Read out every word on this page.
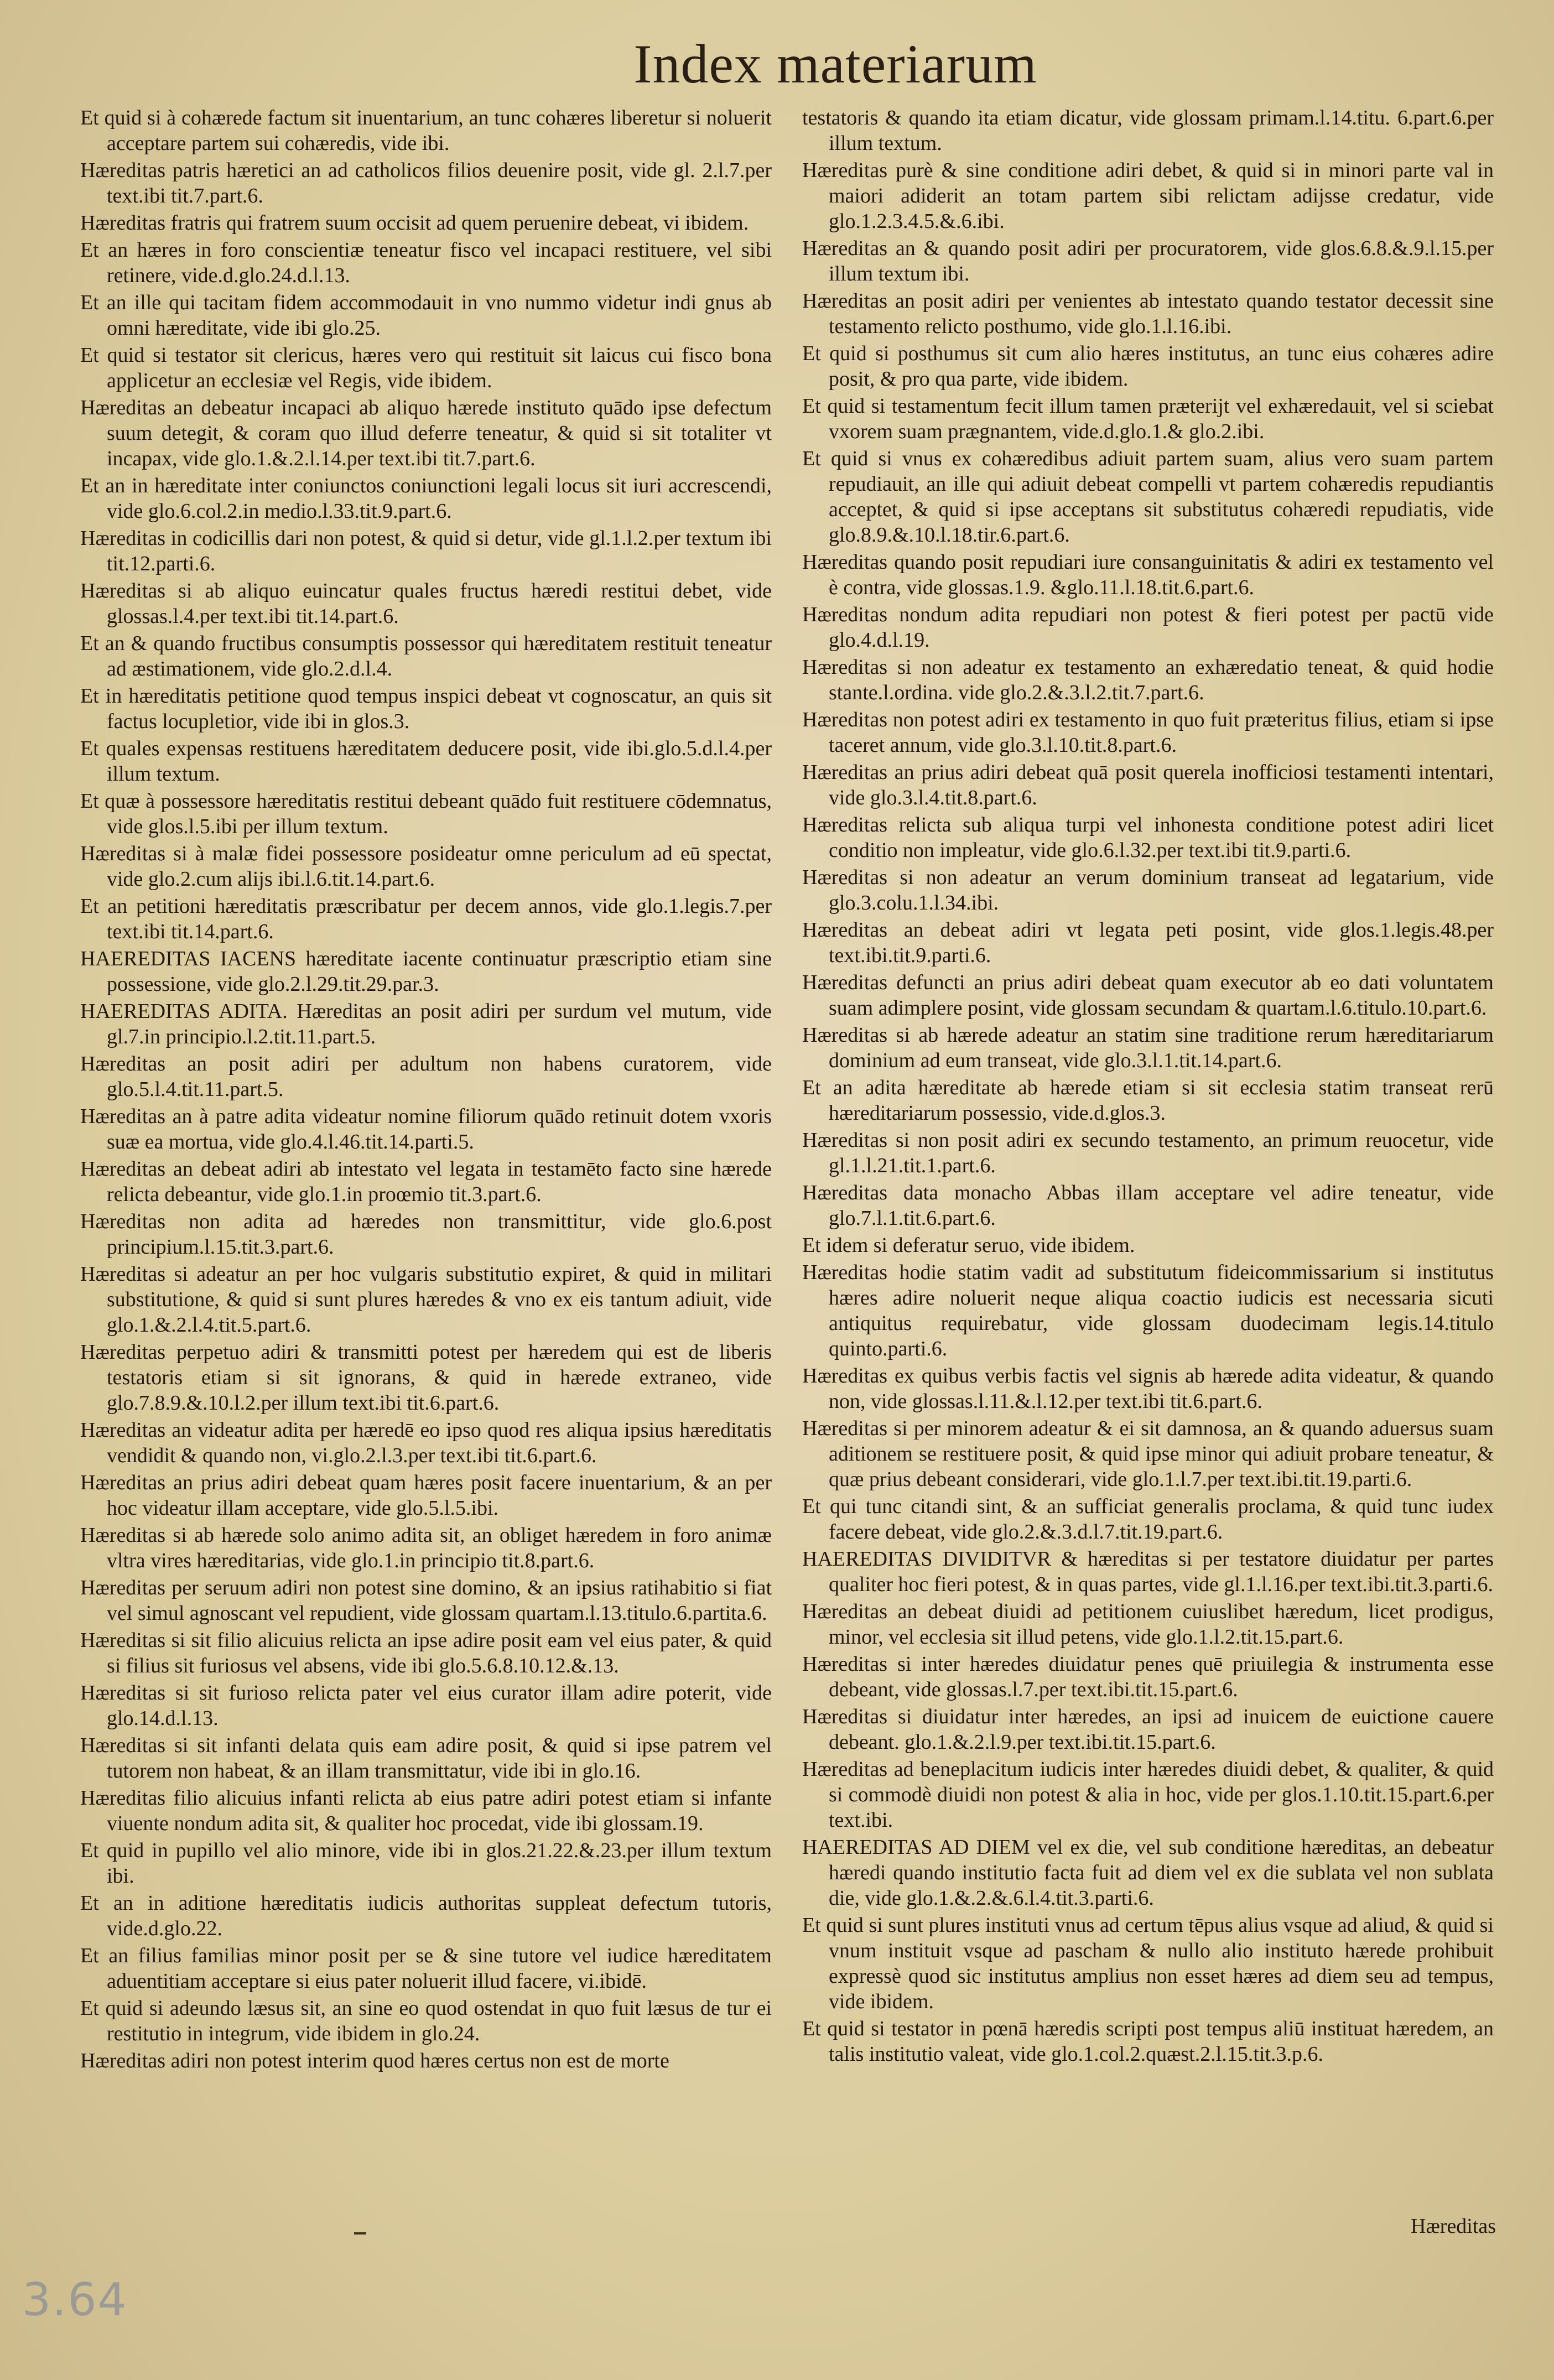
Index materiarum

Et quid si à cohærede factum sit inuentarium, an tunc cohæres liberetur si noluerit acceptare partem sui cohæredis, vide ibi.

Hæreditas patris hæretici an ad catholicos filios deuenire posit, vide gl. 2.l.7.per text.ibi tit.7.part.6.

Hæreditas fratris qui fratrem suum occisit ad quem peruenire debeat, vi ibidem.

Et an hæres in foro conscientiæ teneatur fisco vel incapaci restituere, vel sibi retinere, vide.d.glo.24.d.l.13.

Et an ille qui tacitam fidem accommodauit in vno nummo videtur indi gnus ab omni hæreditate, vide ibi glo.25.

Et quid si testator sit clericus, hæres vero qui restituit sit laicus cui fisco bona applicetur an ecclesiæ vel Regis, vide ibidem.

Hæreditas an debeatur incapaci ab aliquo hærede instituto quādo ipse defectum suum detegit, & coram quo illud deferre teneatur, & quid si sit totaliter vt incapax, vide glo.1.&.2.l.14.per text.ibi tit.7.part.6.

Et an in hæreditate inter coniunctos coniunctioni legali locus sit iuri accrescendi, vide glo.6.col.2.in medio.l.33.tit.9.part.6.

Hæreditas in codicillis dari non potest, & quid si detur, vide gl.1.l.2.per textum ibi tit.12.parti.6.

Hæreditas si ab aliquo euincatur quales fructus hæredi restitui debet, vide glossas.l.4.per text.ibi tit.14.part.6.

Et an & quando fructibus consumptis possessor qui hæreditatem restituit teneatur ad æstimationem, vide glo.2.d.l.4.

Et in hæreditatis petitione quod tempus inspici debeat vt cognoscatur, an quis sit factus locupletior, vide ibi in glos.3.

Et quales expensas restituens hæreditatem deducere posit, vide ibi.glo.5.d.l.4.per illum textum.

Et quæ à possessore hæreditatis restitui debeant quādo fuit restituere cōdemnatus, vide glos.l.5.ibi per illum textum.

Hæreditas si à malæ fidei possessore posideatur omne periculum ad eū spectat, vide glo.2.cum alijs ibi.l.6.tit.14.part.6.

Et an petitioni hæreditatis præscribatur per decem annos, vide glo.1.legis.7.per text.ibi tit.14.part.6.

HAEREDITAS IACENS hæreditate iacente continuatur præscriptio etiam sine possessione, vide glo.2.l.29.tit.29.par.3.

HAEREDITAS ADITA. Hæreditas an posit adiri per surdum vel mutum, vide gl.7.in principio.l.2.tit.11.part.5.

Hæreditas an posit adiri per adultum non habens curatorem, vide glo.5.l.4.tit.11.part.5.

Hæreditas an à patre adita videatur nomine filiorum quādo retinuit dotem vxoris suæ ea mortua, vide glo.4.l.46.tit.14.parti.5.

Hæreditas an debeat adiri ab intestato vel legata in testamēto facto sine hærede relicta debeantur, vide glo.1.in proœmio tit.3.part.6.

Hæreditas non adita ad hæredes non transmittitur, vide glo.6.post principium.l.15.tit.3.part.6.

Hæreditas si adeatur an per hoc vulgaris substitutio expiret, & quid in militari substitutione, & quid si sunt plures hæredes & vno ex eis tantum adiuit, vide glo.1.&.2.l.4.tit.5.part.6.

Hæreditas perpetuo adiri & transmitti potest per hæredem qui est de liberis testatoris etiam si sit ignorans, & quid in hærede extraneo, vide glo.7.8.9.&.10.l.2.per illum text.ibi tit.6.part.6.

Hæreditas an videatur adita per hæredē eo ipso quod res aliqua ipsius hæreditatis vendidit & quando non, vi.glo.2.l.3.per text.ibi tit.6.part.6.

Hæreditas an prius adiri debeat quam hæres posit facere inuentarium, & an per hoc videatur illam acceptare, vide glo.5.l.5.ibi.

Hæreditas si ab hærede solo animo adita sit, an obliget hæredem in foro animæ vltra vires hæreditarias, vide glo.1.in principio tit.8.part.6.

Hæreditas per seruum adiri non potest sine domino, & an ipsius ratihabitio si fiat vel simul agnoscant vel repudient, vide glossam quartam.l.13.titulo.6.partita.6.

Hæreditas si sit filio alicuius relicta an ipse adire posit eam vel eius pater, & quid si filius sit furiosus vel absens, vide ibi glo.5.6.8.10.12.&.13.

Hæreditas si sit furioso relicta pater vel eius curator illam adire poterit, vide glo.14.d.l.13.

Hæreditas si sit infanti delata quis eam adire posit, & quid si ipse patrem vel tutorem non habeat, & an illam transmittatur, vide ibi in glo.16.

Hæreditas filio alicuius infanti relicta ab eius patre adiri potest etiam si infante viuente nondum adita sit, & qualiter hoc procedat, vide ibi glossam.19.

Et quid in pupillo vel alio minore, vide ibi in glos.21.22.&.23.per illum textum ibi.

Et an in aditione hæreditatis iudicis authoritas suppleat defectum tutoris, vide.d.glo.22.

Et an filius familias minor posit per se & sine tutore vel iudice hæreditatem aduentitiam acceptare si eius pater noluerit illud facere, vi.ibidē.

Et quid si adeundo læsus sit, an sine eo quod ostendat in quo fuit læsus de tur ei restitutio in integrum, vide ibidem in glo.24.

Hæreditas adiri non potest interim quod hæres certus non est de morte

testatoris & quando ita etiam dicatur, vide glossam primam.l.14.titu. 6.part.6.per illum textum.

Hæreditas purè & sine conditione adiri debet, & quid si in minori parte val in maiori adiderit an totam partem sibi relictam adijsse credatur, vide glo.1.2.3.4.5.&.6.ibi.

Hæreditas an & quando posit adiri per procuratorem, vide glos.6.8.&.9.l.15.per illum textum ibi.

Hæreditas an posit adiri per venientes ab intestato quando testator decessit sine testamento relicto posthumo, vide glo.1.l.16.ibi.

Et quid si posthumus sit cum alio hæres institutus, an tunc eius cohæres adire posit, & pro qua parte, vide ibidem.

Et quid si testamentum fecit illum tamen præterijt vel exhæredauit, vel si sciebat vxorem suam prægnantem, vide.d.glo.1.& glo.2.ibi.

Et quid si vnus ex cohæredibus adiuit partem suam, alius vero suam partem repudiauit, an ille qui adiuit debeat compelli vt partem cohæredis repudiantis acceptet, & quid si ipse acceptans sit substitutus cohæredi repudiatis, vide glo.8.9.&.10.l.18.tir.6.part.6.

Hæreditas quando posit repudiari iure consanguinitatis & adiri ex testamento vel è contra, vide glossas.1.9. &glo.11.l.18.tit.6.part.6.

Hæreditas nondum adita repudiari non potest & fieri potest per pactū vide glo.4.d.l.19.

Hæreditas si non adeatur ex testamento an exhæredatio teneat, & quid hodie stante.l.ordina. vide glo.2.&.3.l.2.tit.7.part.6.

Hæreditas non potest adiri ex testamento in quo fuit præteritus filius, etiam si ipse taceret annum, vide glo.3.l.10.tit.8.part.6.

Hæreditas an prius adiri debeat quā posit querela inofficiosi testamenti intentari, vide glo.3.l.4.tit.8.part.6.

Hæreditas relicta sub aliqua turpi vel inhonesta conditione potest adiri licet conditio non impleatur, vide glo.6.l.32.per text.ibi tit.9.parti.6.

Hæreditas si non adeatur an verum dominium transeat ad legatarium, vide glo.3.colu.1.l.34.ibi.

Hæreditas an debeat adiri vt legata peti posint, vide glos.1.legis.48.per text.ibi.tit.9.parti.6.

Hæreditas defuncti an prius adiri debeat quam executor ab eo dati voluntatem suam adimplere posint, vide glossam secundam & quartam.l.6.titulo.10.part.6.

Hæreditas si ab hærede adeatur an statim sine traditione rerum hæreditariarum dominium ad eum transeat, vide glo.3.l.1.tit.14.part.6.

Et an adita hæreditate ab hærede etiam si sit ecclesia statim transeat rerū hæreditariarum possessio, vide.d.glos.3.

Hæreditas si non posit adiri ex secundo testamento, an primum reuocetur, vide gl.1.l.21.tit.1.part.6.

Hæreditas data monacho Abbas illam acceptare vel adire teneatur, vide glo.7.l.1.tit.6.part.6.

Et idem si deferatur seruo, vide ibidem.

Hæreditas hodie statim vadit ad substitutum fideicommissarium si institutus hæres adire noluerit neque aliqua coactio iudicis est necessaria sicuti antiquitus requirebatur, vide glossam duodecimam legis.14.titulo quinto.parti.6.

Hæreditas ex quibus verbis factis vel signis ab hærede adita videatur, & quando non, vide glossas.l.11.&.l.12.per text.ibi tit.6.part.6.

Hæreditas si per minorem adeatur & ei sit damnosa, an & quando aduersus suam aditionem se restituere posit, & quid ipse minor qui adiuit probare teneatur, & quæ prius debeant considerari, vide glo.1.l.7.per text.ibi.tit.19.parti.6.

Et qui tunc citandi sint, & an sufficiat generalis proclama, & quid tunc iudex facere debeat, vide glo.2.&.3.d.l.7.tit.19.part.6.

HAEREDITAS DIVIDITVR & hæreditas si per testatore diuidatur per partes qualiter hoc fieri potest, & in quas partes, vide gl.1.l.16.per text.ibi.tit.3.parti.6.

Hæreditas an debeat diuidi ad petitionem cuiuslibet hæredum, licet prodigus, minor, vel ecclesia sit illud petens, vide glo.1.l.2.tit.15.part.6.

Hæreditas si inter hæredes diuidatur penes quē priuilegia & instrumenta esse debeant, vide glossas.l.7.per text.ibi.tit.15.part.6.

Hæreditas si diuidatur inter hæredes, an ipsi ad inuicem de euictione cauere debeant. glo.1.&.2.l.9.per text.ibi.tit.15.part.6.

Hæreditas ad beneplacitum iudicis inter hæredes diuidi debet, & qualiter, & quid si commodè diuidi non potest & alia in hoc, vide per glos.1.10.tit.15.part.6.per text.ibi.

HAEREDITAS AD DIEM vel ex die, vel sub conditione hæreditas, an debeatur hæredi quando institutio facta fuit ad diem vel ex die sublata vel non sublata die, vide glo.1.&.2.&.6.l.4.tit.3.parti.6.

Et quid si sunt plures instituti vnus ad certum tēpus alius vsque ad aliud, & quid si vnum instituit vsque ad pascham & nullo alio instituto hærede prohibuit expressè quod sic institutus amplius non esset hæres ad diem seu ad tempus, vide ibidem.

Et quid si testator in pœnā hæredis scripti post tempus aliū instituat hæredem, an talis institutio valeat, vide glo.1.col.2.quæst.2.l.15.tit.3.p.6.

Hæreditas
3.64
